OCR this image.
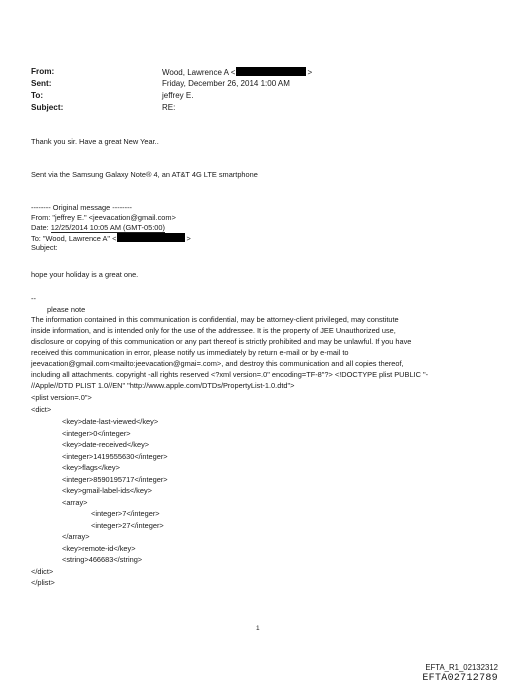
From:	Wood, Lawrence A <	>
Sent:	Friday, December 26, 2014 1:00 AM
To:	jeffrey E.
Subject:	RE:
Thank you sir. Have a great New Year..
Sent via the Samsung Galaxy Note® 4, an AT&T 4G LTE smartphone
-------- Original message --------
From: "jeffrey E." <jeevacation@gmail.com>
Date: 12/25/2014 10:05 AM (GMT-05:00)
To: "Wood, Lawrence A" <	>
Subject:
hope your holiday is a great one.
--
please note
The information contained in this communication is confidential, may be attorney-client privileged, may constitute
inside information, and is intended only for the use of the addressee. It is the property of JEE Unauthorized use,
disclosure or copying of this communication or any part thereof is strictly prohibited and may be unlawful. If you have
received this communication in error, please notify us immediately by return e-mail or by e-mail to
jeevacation@gmail.com<mailto:jeevacation@gmai=.com>, and destroy this communication and all copies thereof,
including all attachments. copyright -all rights reserved <?xml version=.0" encoding=TF-8"?> <!DOCTYPE plist PUBLIC "-
//Apple//DTD PLIST 1.0//EN" "http://www.apple.com/DTDs/PropertyList-1.0.dtd">
<plist version=.0">
<dict>
<key>date-last-viewed</key>
<integer>0</integer>
<key>date-received</key>
<integer>1419555630</integer>
<key>flags</key>
<integer>8590195717</integer>
<key>gmail-label-ids</key>
<array>
<integer>7</integer>
<integer>27</integer>
</array>
<key>remote-id</key>
<string>466683</string>
</dict>
</plist>
1
EFTA_R1_02132312
EFTA02712789
